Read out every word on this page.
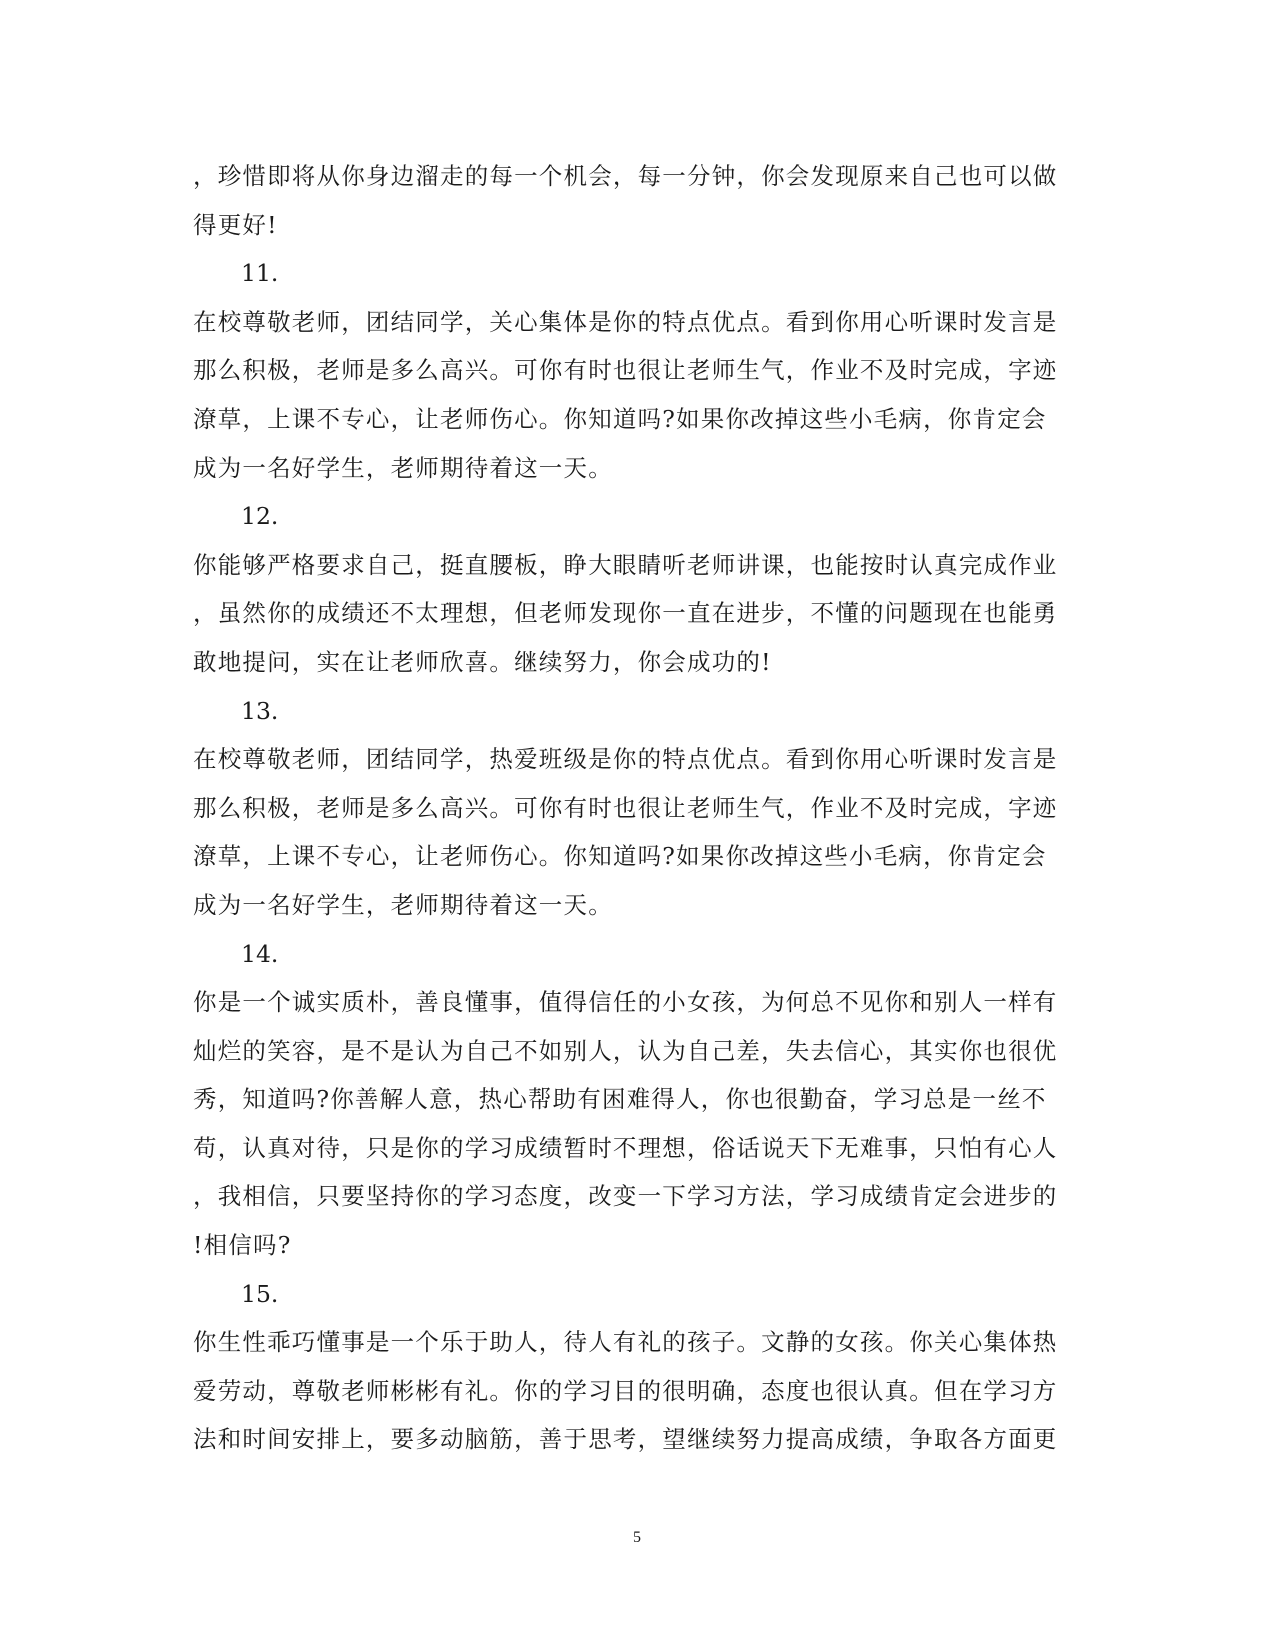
，珍惜即将从你身边溜走的每一个机会，每一分钟，你会发现原来自己也可以做
得更好!
11.
在校尊敬老师，团结同学，关心集体是你的特点优点。看到你用心听课时发言是
那么积极，老师是多么高兴。可你有时也很让老师生气，作业不及时完成，字迹
潦草，上课不专心，让老师伤心。你知道吗?如果你改掉这些小毛病，你肯定会
成为一名好学生，老师期待着这一天。
12.
你能够严格要求自己，挺直腰板，睁大眼睛听老师讲课，也能按时认真完成作业
，虽然你的成绩还不太理想，但老师发现你一直在进步，不懂的问题现在也能勇
敢地提问，实在让老师欣喜。继续努力，你会成功的!
13.
在校尊敬老师，团结同学，热爱班级是你的特点优点。看到你用心听课时发言是
那么积极，老师是多么高兴。可你有时也很让老师生气，作业不及时完成，字迹
潦草，上课不专心，让老师伤心。你知道吗?如果你改掉这些小毛病，你肯定会
成为一名好学生，老师期待着这一天。
14.
你是一个诚实质朴，善良懂事，值得信任的小女孩，为何总不见你和别人一样有
灿烂的笑容，是不是认为自己不如别人，认为自己差，失去信心，其实你也很优
秀，知道吗?你善解人意，热心帮助有困难得人，你也很勤奋，学习总是一丝不
苟，认真对待，只是你的学习成绩暂时不理想，俗话说天下无难事，只怕有心人
，我相信，只要坚持你的学习态度，改变一下学习方法，学习成绩肯定会进步的
!相信吗?
15.
你生性乖巧懂事是一个乐于助人，待人有礼的孩子。文静的女孩。你关心集体热
爱劳动，尊敬老师彬彬有礼。你的学习目的很明确，态度也很认真。但在学习方
法和时间安排上，要多动脑筋，善于思考，望继续努力提高成绩，争取各方面更
5
